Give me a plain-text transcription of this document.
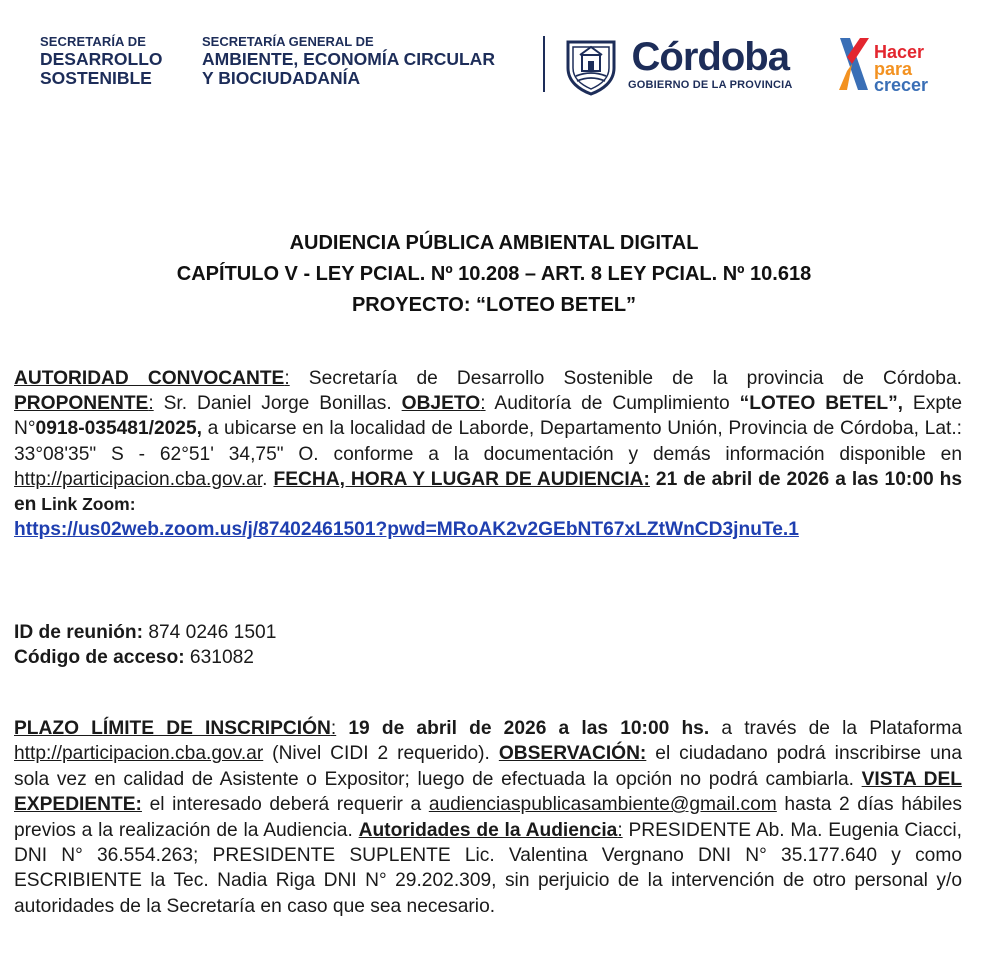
SECRETARÍA DE
DESARROLLO
SOSTENIBLE
SECRETARÍA GENERAL DE
AMBIENTE, ECONOMÍA CIRCULAR
Y BIOCIUDADANÍA	Córdoba
GOBIERNO DE LA PROVINCIA
Hacer
para
crecer
AUDIENCIA PÚBLICA AMBIENTAL DIGITAL
CAPÍTULO V - LEY PCIAL. Nº 10.208 – ART. 8 LEY PCIAL. Nº 10.618
PROYECTO: “LOTEO BETEL”
AUTORIDAD CONVOCANTE: Secretaría de Desarrollo Sostenible de la provincia de Córdoba. PROPONENTE: Sr. Daniel Jorge Bonillas. OBJETO: Auditoría de Cumplimiento “LOTEO BETEL”, Expte N°0918-035481/2025, a ubicarse en la localidad de Laborde, Departamento Unión, Provincia de Córdoba, Lat.: 33°08'35" S - 62°51' 34,75" O. conforme a la documentación y demás información disponible en http://participacion.cba.gov.ar. FECHA, HORA Y LUGAR DE AUDIENCIA: 21 de abril de 2026 a las 10:00 hs en Link Zoom:
https://us02web.zoom.us/j/87402461501?pwd=MRoAK2v2GEbNT67xLZtWnCD3jnuTe.1
ID de reunión: 874 0246 1501
Código de acceso: 631082
PLAZO LÍMITE DE INSCRIPCIÓN: 19 de abril de 2026 a las 10:00 hs. a través de la Plataforma http://participacion.cba.gov.ar (Nivel CIDI 2 requerido). OBSERVACIÓN: el ciudadano podrá inscribirse una sola vez en calidad de Asistente o Expositor; luego de efectuada la opción no podrá cambiarla. VISTA DEL EXPEDIENTE: el interesado deberá requerir a audienciaspublicasambiente@gmail.com hasta 2 días hábiles previos a la realización de la Audiencia. Autoridades de la Audiencia: PRESIDENTE Ab. Ma. Eugenia Ciacci, DNI N° 36.554.263; PRESIDENTE SUPLENTE Lic. Valentina Vergnano DNI N° 35.177.640 y como ESCRIBIENTE la Tec. Nadia Riga DNI N° 29.202.309, sin perjuicio de la intervención de otro personal y/o autoridades de la Secretaría en caso que sea necesario.
